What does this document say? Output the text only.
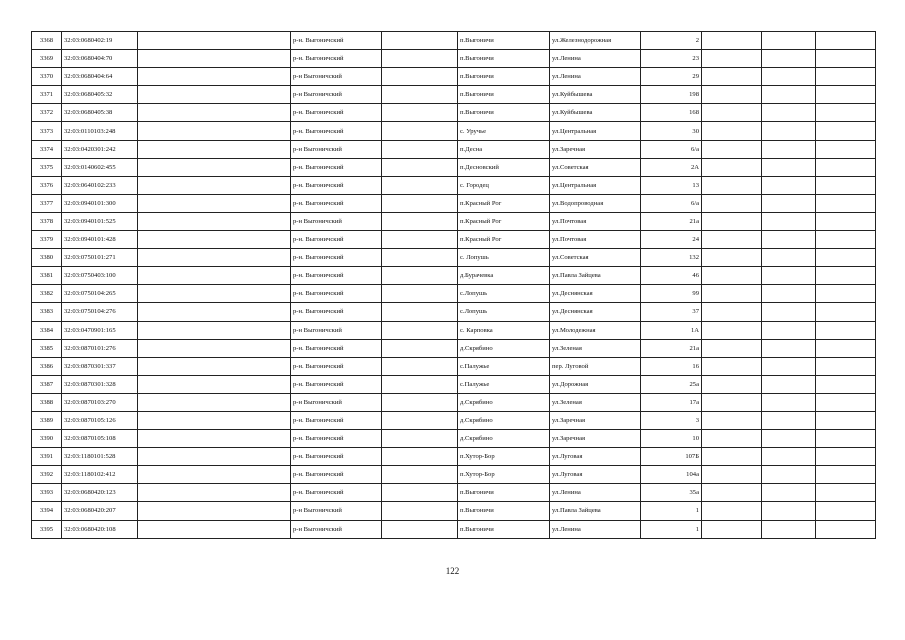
3368	32:03:0680402:19		р-н. Выгоничский		п.Выгоничи	ул.Железнодорожная	2			
3369	32:03:0680404:70		р-н. Выгоничский		п.Выгоничи	ул.Ленина	23			
3370	32:03:0680404:64		р-н Выгоничский		п.Выгоничи	ул.Ленина	29			
3371	32:03:0680405:32		р-н Выгоничский		п.Выгоничи	ул.Куйбышева	198			
3372	32:03:0680405:38		р-н. Выгоничский		п.Выгоничи	ул.Куйбышева	168			
3373	32:03:0110103:248		р-н. Выгоничский		с. Уручье	ул.Центральная	30			
3374	32:03:0420301:242		р-н Выгоничский		п.Десна	ул.Заречная	6/а			
3375	32:03:0140602:455		р-н. Выгоничский		п.Десновский	ул.Советская	2А			
3376	32:03:0640102:233		р-н. Выгоничский		с. Городец	ул.Центральная	13			
3377	32:03:0940101:300		р-н. Выгоничский		п.Красный Рог	ул.Водопроводная	6/а			
3378	32:03:0940101:525		р-н Выгоничский		п.Красный Рог	ул.Почтовая	21а			
3379	32:03:0940101:428		р-н. Выгоничский		п.Красный Рог	ул.Почтовая	24			
3380	32:03:0750101:271		р-н. Выгоничский		с. Лопушь	ул.Советская	132			
3381	32:03:0750403:100		р-н. Выгоничский		д.Бурачевка	ул.Павла Зайцева	46			
3382	32:03:0750104:265		р-н. Выгоничский		с.Лопушь	ул.Деснянская	99			
3383	32:03:0750104:276		р-н. Выгоничский		с.Лопушь	ул.Деснянская	37			
3384	32:03:0470901:165		р-н Выгоничский		с. Карповка	ул.Молодежная	1А			
3385	32:03:0870101:276		р-н. Выгоничский		д.Скрябино	ул.Зеленая	21а			
3386	32:03:0870301:337		р-н. Выгоничский		с.Палужье	пер. Луговой	16			
3387	32:03:0870301:328		р-н. Выгоничский		с.Палужье	ул.Дорожная	25а			
3388	32:03:0870103:270		р-н Выгоничский		д.Скрябино	ул.Зеленая	17а			
3389	32:03:0870105:126		р-н. Выгоничский		д.Скрябино	ул.Заречная	3			
3390	32:03:0870105:108		р-н. Выгоничский		д.Скрябино	ул.Заречная	10			
3391	32:03:1180101:528		р-н. Выгоничский		п.Хутор-Бор	ул.Луговая	107Б			
3392	32:03:1180102:412		р-н. Выгоничский		п.Хутор-Бор	ул.Луговая	104а			
3393	32:03:0680420:123		р-н. Выгоничский		п.Выгоничи	ул.Ленина	35а			
3394	32:03:0680420:207		р-н Выгоничский		п.Выгоничи	ул.Павла Зайцева	1			
3395	32:03:0680420:108		р-н Выгоничский		п.Выгоничи	ул.Ленина	1			
122
